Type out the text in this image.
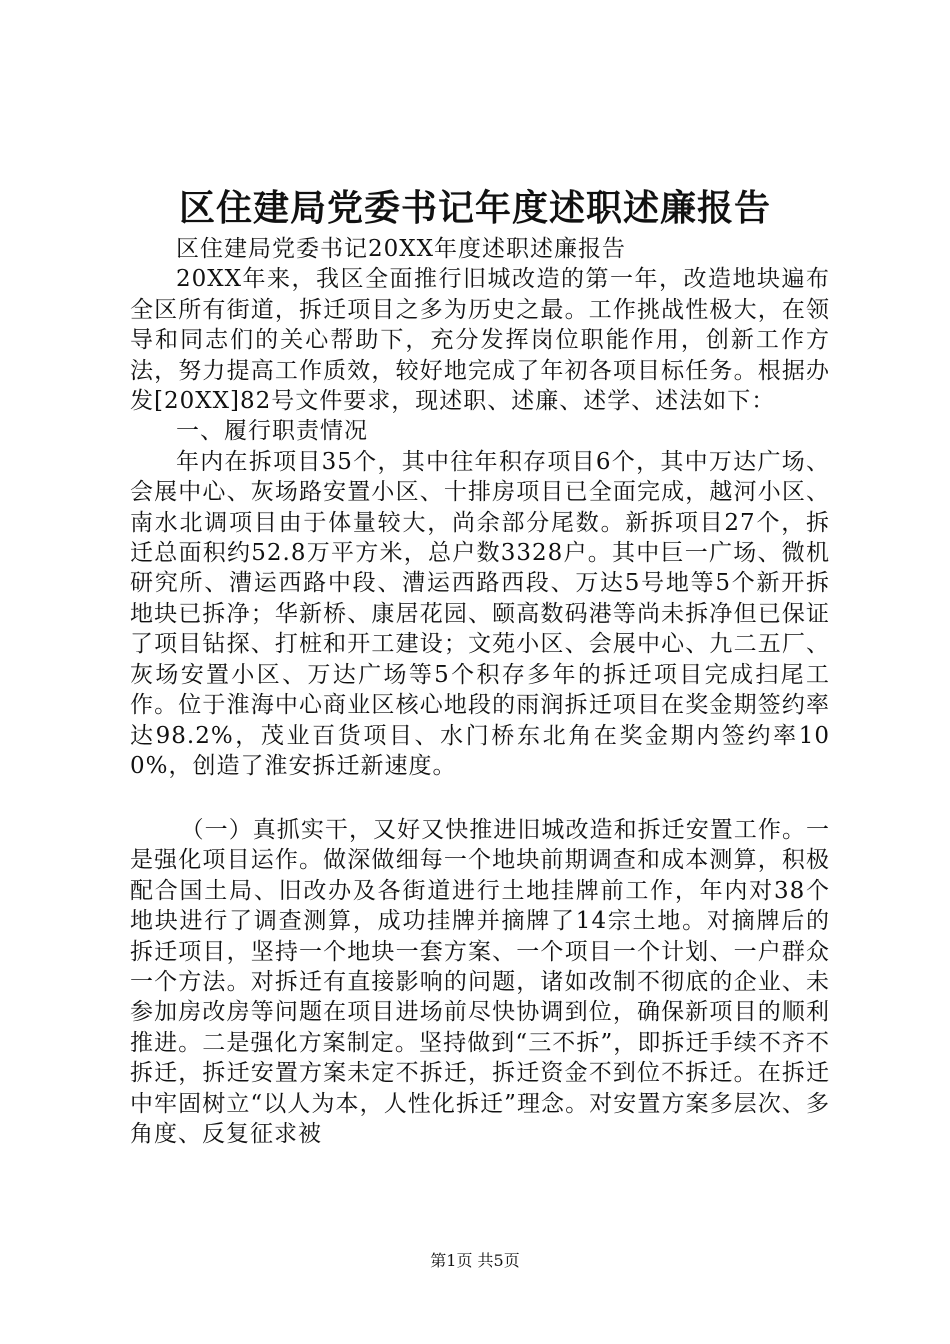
区住建局党委书记年度述职述廉报告

区住建局党委书记20XX年度述职述廉报告

20XX年来，我区全面推行旧城改造的第一年，改造地块遍布全区所有街道，拆迁项目之多为历史之最。工作挑战性极大，在领导和同志们的关心帮助下，充分发挥岗位职能作用，创新工作方法，努力提高工作质效，较好地完成了年初各项目标任务。根据办发[20XX]82号文件要求，现述职、述廉、述学、述法如下：

一、履行职责情况

年内在拆项目35个，其中往年积存项目6个，其中万达广场、会展中心、灰场路安置小区、十排房项目已全面完成，越河小区、南水北调项目由于体量较大，尚余部分尾数。新拆项目27个，拆迁总面积约52.8万平方米，总户数3328户。其中巨一广场、微机研究所、漕运西路中段、漕运西路西段、万达5号地等5个新开拆地块已拆净；华新桥、康居花园、颐高数码港等尚未拆净但已保证了项目钻探、打桩和开工建设；文苑小区、会展中心、九二五厂、灰场安置小区、万达广场等5个积存多年的拆迁项目完成扫尾工作。位于淮海中心商业区核心地段的雨润拆迁项目在奖金期签约率达98.2%，茂业百货项目、水门桥东北角在奖金期内签约率100%，创造了淮安拆迁新速度。

（一）真抓实干，又好又快推进旧城改造和拆迁安置工作。一是强化项目运作。做深做细每一个地块前期调查和成本测算，积极配合国土局、旧改办及各街道进行土地挂牌前工作，年内对38个地块进行了调查测算，成功挂牌并摘牌了14宗土地。对摘牌后的拆迁项目，坚持一个地块一套方案、一个项目一个计划、一户群众一个方法。对拆迁有直接影响的问题，诸如改制不彻底的企业、未参加房改房等问题在项目进场前尽快协调到位，确保新项目的顺利推进。二是强化方案制定。坚持做到“三不拆”，即拆迁手续不齐不拆迁，拆迁安置方案未定不拆迁，拆迁资金不到位不拆迁。在拆迁中牢固树立“以人为本，人性化拆迁”理念。对安置方案多层次、多角度、反复征求被

第1页 共5页
